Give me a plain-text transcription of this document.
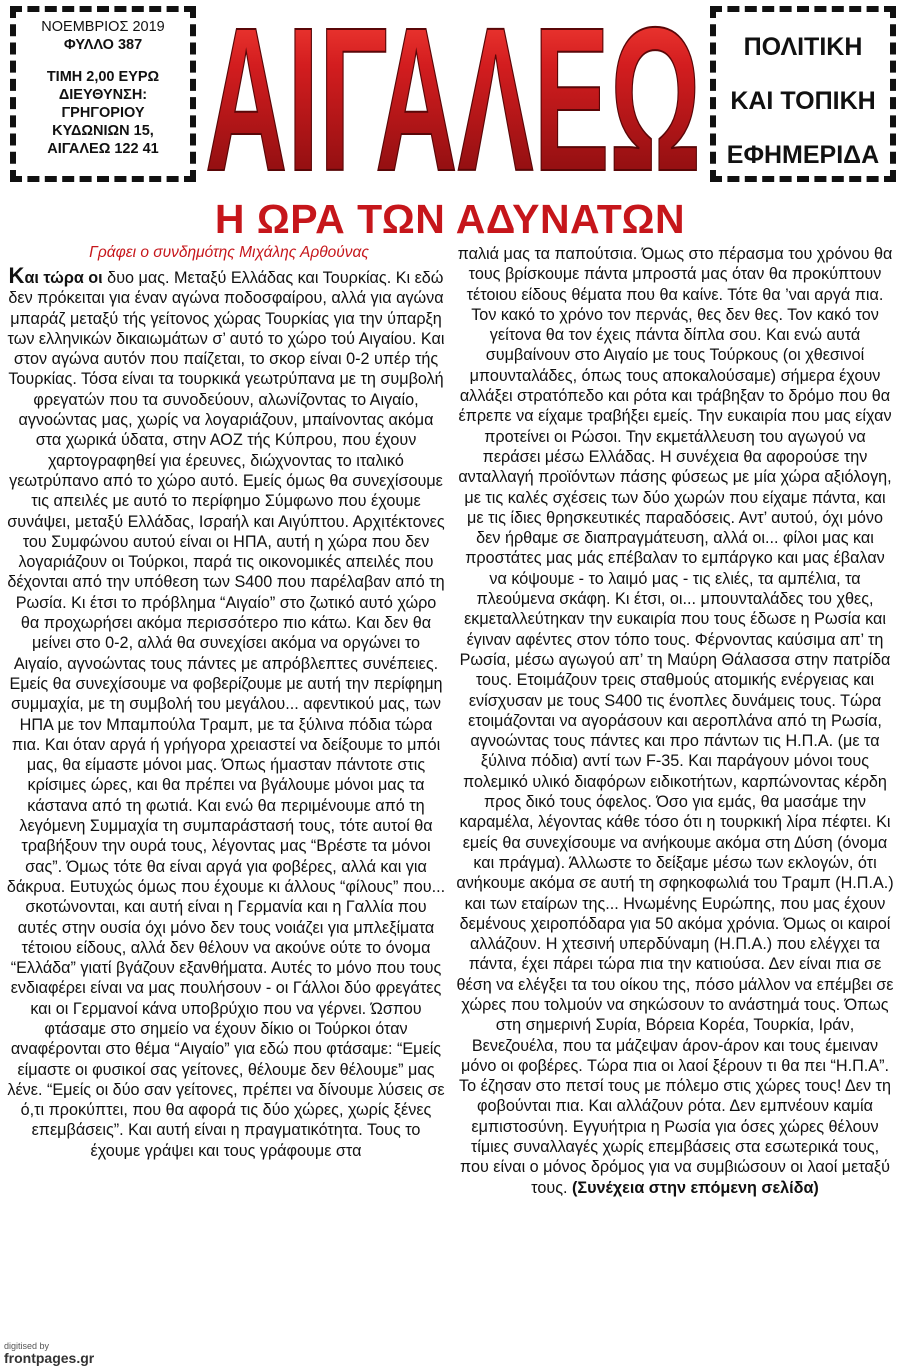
ΝΟΕΜΒΡΙΟΣ 2019
ΦΥΛΛΟ 387
ΤΙΜΗ 2,00 ΕΥΡΩ
ΔΙΕΥΘΥΝΣΗ:
ΓΡΗΓΟΡΙΟΥ
ΚΥΔΩΝΙΩΝ 15,
ΑΙΓΑΛΕΩ 122 41 ΑΙΓΑΛΕΩ	ΠΟΛΙΤΙΚΗ
ΚΑΙ ΤΟΠΙΚΗ
ΕΦΗΜΕΡΙΔΑ
Η ΩΡΑ ΤΩΝ ΑΔΥΝΑΤΩΝ
Γράφει ο συνδημότης Μιχάλης Αρθούνας

Και τώρα οι δυο μας. Μεταξύ Ελλάδας και Τουρκίας. Κι εδώ δεν πρόκειται για έναν αγώνα ποδοσφαίρου, αλλά για αγώνα μπαράζ μεταξύ τής γείτονος χώρας Τουρκίας για την ύπαρξη των ελληνικών δικαιωμάτων σ’ αυτό το χώρο τού Αιγαίου. Και στον αγώνα αυτόν που παίζεται, το σκορ είναι 0-2 υπέρ τής Τουρκίας. Τόσα είναι τα τουρκικά γεωτρύπανα με τη συμβολή φρεγατών που τα συνοδεύουν, αλωνίζοντας το Αιγαίο, αγνοώντας μας, χωρίς να λογαριάζουν, μπαίνοντας ακόμα στα χωρικά ύδατα, στην ΑΟΖ τής Κύπρου, που έχουν χαρτογραφηθεί για έρευνες, διώχνοντας το ιταλικό γεωτρύπανο από το χώρο αυτό. Εμείς όμως θα συνεχίσουμε τις απειλές με αυτό το περίφημο Σύμφωνο που έχουμε συνάψει, μεταξύ Ελλάδας, Ισραήλ και Αιγύπτου. Αρχιτέκτονες του Συμφώνου αυτού είναι οι ΗΠΑ, αυτή η χώρα που δεν λογαριάζουν οι Τούρκοι, παρά τις οικονομικές απειλές που δέχονται από την υπόθεση των S400 που παρέλαβαν από τη Ρωσία. Κι έτσι το πρόβλημα “Αιγαίο” στο ζωτικό αυτό χώρο θα προχωρήσει ακόμα περισσότερο πιο κάτω. Και δεν θα μείνει στο 0-2, αλλά θα συνεχίσει ακόμα να οργώνει το Αιγαίο, αγνοώντας τους πάντες με απρόβλεπτες συνέπειες. Εμείς θα συνεχίσουμε να φοβερίζουμε με αυτή την περίφημη συμμαχία, με τη συμβολή του μεγάλου... αφεντικού μας, των ΗΠΑ με τον Μπαμπούλα Τραμπ, με τα ξύλινα πόδια τώρα πια. Και όταν αργά ή γρήγορα χρειαστεί να δείξουμε το μπόι μας, θα είμαστε μόνοι μας. Όπως ήμασταν πάντοτε στις κρίσιμες ώρες, και θα πρέπει να βγάλουμε μόνοι μας τα κάστανα από τη φωτιά. Και ενώ θα περιμένουμε από τη λεγόμενη Συμμαχία τη συμπαράστασή τους, τότε αυτοί θα τραβήξουν την ουρά τους, λέγοντας μας “Βρέστε τα μόνοι σας”. Όμως τότε θα είναι αργά για φοβέρες, αλλά και για δάκρυα. Ευτυχώς όμως που έχουμε κι άλλους “φίλους” που... σκοτώνονται, και αυτή είναι η Γερμανία και η Γαλλία που αυτές στην ουσία όχι μόνο δεν τους νοιάζει για μπλεξίματα τέτοιου είδους, αλλά δεν θέλουν να ακούνε ούτε το όνομα “Ελλάδα” γιατί βγάζουν εξανθήματα. Αυτές το μόνο που τους ενδιαφέρει είναι να μας πουλήσουν - οι Γάλλοι δύο φρεγάτες και οι Γερμανοί κάνα υποβρύχιο που να γέρνει. Ώσπου φτάσαμε στο σημείο να έχουν δίκιο οι Τούρκοι όταν αναφέρονται στο θέμα “Αιγαίο” για εδώ που φτάσαμε: “Εμείς είμαστε οι φυσικοί σας γείτονες, θέλουμε δεν θέλουμε” μας λένε. “Εμείς οι δύο σαν γείτονες, πρέπει να δίνουμε λύσεις σε ό,τι προκύπτει, που θα αφορά τις δύο χώρες, χωρίς ξένες επεμβάσεις”. Και αυτή είναι η πραγματικότητα. Τους το έχουμε γράψει και τους γράφουμε στα

παλιά μας τα παπούτσια. Όμως στο πέρασμα του χρόνου θα τους βρίσκουμε πάντα μπροστά μας όταν θα προκύπτουν τέτοιου είδους θέματα που θα καίνε. Τότε θα ’ναι αργά πια. Τον κακό το χρόνο τον περνάς, θες δεν θες. Τον κακό τον γείτονα θα τον έχεις πάντα δίπλα σου. Και ενώ αυτά συμβαίνουν στο Αιγαίο με τους Τούρκους (οι χθεσινοί μπουνταλάδες, όπως τους αποκαλούσαμε) σήμερα έχουν αλλάξει στρατόπεδο και ρότα και τράβηξαν το δρόμο που θα έπρεπε να είχαμε τραβήξει εμείς. Την ευκαιρία που μας είχαν προτείνει οι Ρώσοι. Την εκμετάλλευση του αγωγού να περάσει μέσω Ελλάδας. Η συνέχεια θα αφορούσε την ανταλλαγή προϊόντων πάσης φύσεως με μία χώρα αξιόλογη, με τις καλές σχέσεις των δύο χωρών που είχαμε πάντα, και με τις ίδιες θρησκευτικές παραδόσεις. Αντ’ αυτού, όχι μόνο δεν ήρθαμε σε διαπραγμάτευση, αλλά οι... φίλοι μας και προστάτες μας μάς επέβαλαν το εμπάργκο και μας έβαλαν να κόψουμε - το λαιμό μας - τις ελιές, τα αμπέλια, τα πλεούμενα σκάφη. Κι έτσι, οι... μπουνταλάδες του χθες, εκμεταλλεύτηκαν την ευκαιρία που τους έδωσε η Ρωσία και έγιναν αφέντες στον τόπο τους. Φέρνοντας καύσιμα απ’ τη Ρωσία, μέσω αγωγού απ’ τη Μαύρη Θάλασσα στην πατρίδα τους. Ετοιμάζουν τρεις σταθμούς ατομικής ενέργειας και ενίσχυσαν με τους S400 τις ένοπλες δυνάμεις τους. Τώρα ετοιμάζονται να αγοράσουν και αεροπλάνα από τη Ρωσία, αγνοώντας τους πάντες και προ πάντων τις Η.Π.Α. (με τα ξύλινα πόδια) αντί των F-35. Και παράγουν μόνοι τους πολεμικό υλικό διαφόρων ειδικοτήτων, καρπώνοντας κέρδη προς δικό τους όφελος. Όσο για εμάς, θα μασάμε την καραμέλα, λέγοντας κάθε τόσο ότι η τουρκική λίρα πέφτει. Κι εμείς θα συνεχίσουμε να ανήκουμε ακόμα στη Δύση (όνομα και πράγμα). Άλλωστε το δείξαμε μέσω των εκλογών, ότι ανήκουμε ακόμα σε αυτή τη σφηκοφωλιά του Τραμπ (Η.Π.Α.) και των εταίρων της... Ηνωμένης Ευρώπης, που μας έχουν δεμένους χειροπόδαρα για 50 ακόμα χρόνια. Όμως οι καιροί αλλάζουν. Η χτεσινή υπερδύναμη (Η.Π.Α.) που ελέγχει τα πάντα, έχει πάρει τώρα πια την κατιούσα. Δεν είναι πια σε θέση να ελέγξει τα του οίκου της, πόσο μάλλον να επέμβει σε χώρες που τολμούν να σηκώσουν το ανάστημά τους. Όπως στη σημερινή Συρία, Βόρεια Κορέα, Τουρκία, Ιράν, Βενεζουέλα, που τα μάζεψαν άρον-άρον και τους έμειναν μόνο οι φοβέρες. Τώρα πια οι λαοί ξέρουν τι θα πει “Η.Π.Α”. Το έζησαν στο πετσί τους με πόλεμο στις χώρες τους! Δεν τη φοβούνται πια. Και αλλάζουν ρότα. Δεν εμπνέουν καμία εμπιστοσύνη. Εγγυήτρια η Ρωσία για όσες χώρες θέλουν τίμιες συναλλαγές χωρίς επεμβάσεις στα εσωτερικά τους, που είναι ο μόνος δρόμος για να συμβιώσουν οι λαοί μεταξύ τους. (Συνέχεια στην επόμενη σελίδα)

digitised by
frontpages.gr
